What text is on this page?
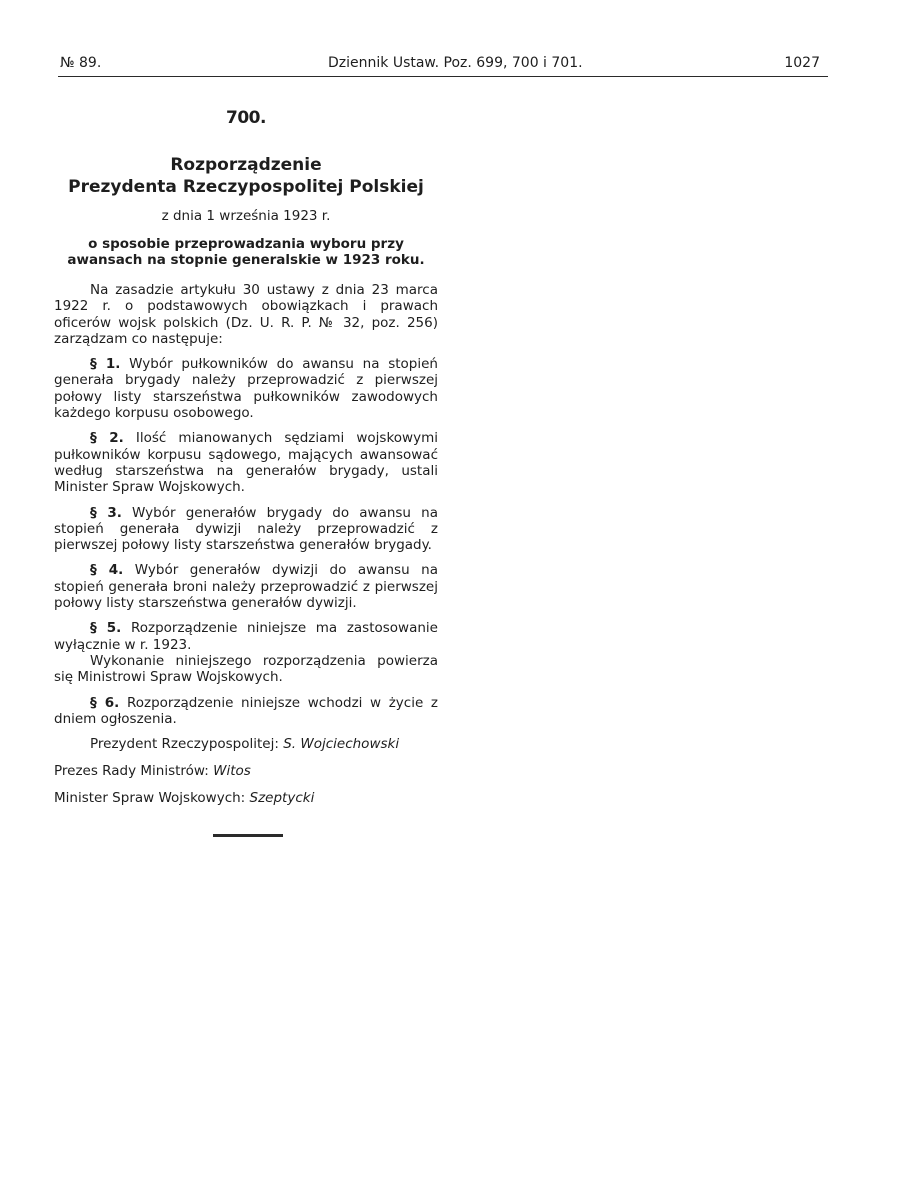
№ 89.	Dziennik Ustaw. Poz. 699, 700 i 701.	1027
700.
Rozporządzenie
Prezydenta Rzeczypospolitej Polskiej
z dnia 1 września 1923 r.
o sposobie przeprowadzania wyboru przy awansach na stopnie generalskie w 1923 roku.

Na zasadzie artykułu 30 ustawy z dnia 23 marca 1922 r. o podstawowych obowiązkach i prawach oficerów wojsk polskich (Dz. U. R. P. № 32, poz. 256) zarządzam co następuje:

§ 1. Wybór pułkowników do awansu na stopień generała brygady należy przeprowadzić z pierwszej połowy listy starszeństwa pułkowników zawodowych każdego korpusu osobowego.

§ 2. Ilość mianowanych sędziami wojskowymi pułkowników korpusu sądowego, mających awansować według starszeństwa na generałów brygady, ustali Minister Spraw Wojskowych.

§ 3. Wybór generałów brygady do awansu na stopień generała dywizji należy przeprowadzić z pierwszej połowy listy starszeństwa generałów brygady.

§ 4. Wybór generałów dywizji do awansu na stopień generała broni należy przeprowadzić z pierwszej połowy listy starszeństwa generałów dywizji.

§ 5. Rozporządzenie niniejsze ma zastosowanie wyłącznie w r. 1923.

Wykonanie niniejszego rozporządzenia powierza się Ministrowi Spraw Wojskowych.

§ 6. Rozporządzenie niniejsze wchodzi w życie z dniem ogłoszenia.

Prezydent Rzeczypospolitej: S. Wojciechowski

Prezes Rady Ministrów: Witos

Minister Spraw Wojskowych: Szeptycki
